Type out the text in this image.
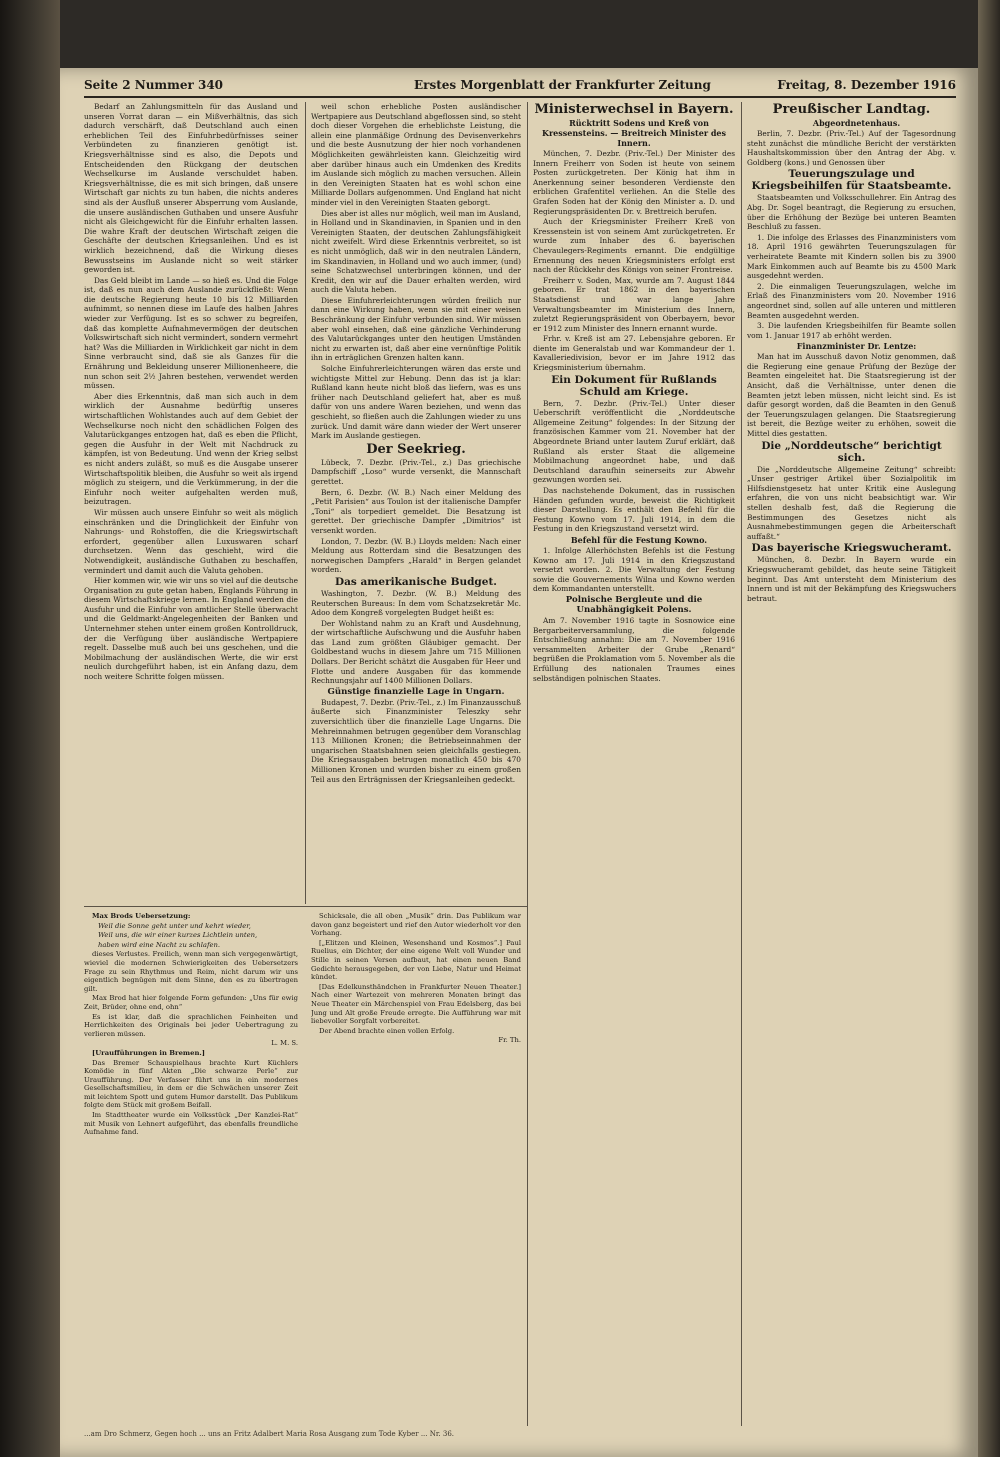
Seite 2 Nummer 340	Erstes Morgenblatt der Frankfurter Zeitung	Freitag, 8. Dezember 1916

Bedarf an Zahlungsmitteln für das Ausland und unseren Vorrat daran — ein Mißverhältnis, das sich dadurch verschärft, daß Deutschland auch einen erheblichen Teil des Einfuhrbedürfnisses seiner Verbündeten zu finanzieren genötigt ist. Kriegsverhältnisse sind es also, die Depots und Entscheidenden den Rückgang der deutschen Wechselkurse im Auslande verschuldet haben. Kriegsverhältnisse, die es mit sich bringen, daß unsere Wirtschaft gar nichts zu tun haben, die nichts anderes sind als der Ausfluß unserer Absperrung vom Auslande, die unsere ausländischen Guthaben und unsere Ausfuhr nicht als Gleichgewicht für die Einfuhr erhalten lassen. Die wahre Kraft der deutschen Wirtschaft zeigen die Geschäfte der deutschen Kriegsanleihen. Und es ist wirklich bezeichnend, daß die Wirkung dieses Bewusstseins im Auslande nicht so weit stärker geworden ist.

Das Geld bleibt im Lande — so hieß es. Und die Folge ist, daß es nun auch dem Auslande zurückfließt: Wenn die deutsche Regierung heute 10 bis 12 Milliarden aufnimmt, so nennen diese im Laufe des halben Jahres wieder zur Verfügung. Ist es so schwer zu begreifen, daß das komplette Aufnahmevermögen der deutschen Volkswirtschaft sich nicht vermindert, sondern vermehrt hat? Was die Milliarden in Wirklichkeit gar nicht in dem Sinne verbraucht sind, daß sie als Ganzes für die Ernährung und Bekleidung unserer Millionenheere, die nun schon seit 2½ Jahren bestehen, verwendet werden müssen.

Aber dies Erkenntnis, daß man sich auch in dem wirklich der Ausnahme bedürftig unseres wirtschaftlichen Wohlstandes auch auf dem Gebiet der Wechselkurse noch nicht den schädlichen Folgen des Valutarückganges entzogen hat, daß es eben die Pflicht, gegen die Ausfuhr in der Welt mit Nachdruck zu kämpfen, ist von Bedeutung. Und wenn der Krieg selbst es nicht anders zuläßt, so muß es die Ausgabe unserer Wirtschaftspolitik bleiben, die Ausfuhr so weit als irgend möglich zu steigern, und die Verkümmerung, in der die Einfuhr noch weiter aufgehalten werden muß, beizutragen.

Wir müssen auch unsere Einfuhr so weit als möglich einschränken und die Dringlichkeit der Einfuhr von Nahrungs- und Rohstoffen, die die Kriegswirtschaft erfordert, gegenüber allen Luxuswaren scharf durchsetzen. Wenn das geschieht, wird die Notwendigkeit, ausländische Guthaben zu beschaffen, vermindert und damit auch die Valuta gehoben.

Hier kommen wir, wie wir uns so viel auf die deutsche Organisation zu gute getan haben, Englands Führung in diesem Wirtschaftskriege lernen. In England werden die Ausfuhr und die Einfuhr von amtlicher Stelle überwacht und die Geldmarkt-Angelegenheiten der Banken und Unternehmer stehen unter einem großen Kontrolldruck, der die Verfügung über ausländische Wertpapiere regelt. Dasselbe muß auch bei uns geschehen, und die Mobilmachung der ausländischen Werte, die wir erst neulich durchgeführt haben, ist ein Anfang dazu, dem noch weitere Schritte folgen müssen.

weil schon erhebliche Posten ausländischer Wertpapiere aus Deutschland abgeflossen sind, so steht doch dieser Vorgehen die erheblichste Leistung, die allein eine planmäßige Ordnung des Devisenverkehrs und die beste Ausnutzung der hier noch vorhandenen Möglichkeiten gewährleisten kann. Gleichzeitig wird aber darüber hinaus auch ein Umdenken des Kredits im Auslande sich möglich zu machen versuchen. Allein in den Vereinigten Staaten hat es wohl schon eine Milliarde Dollars aufgenommen. Und England hat nicht minder viel in den Vereinigten Staaten geborgt.

Dies aber ist alles nur möglich, weil man im Ausland, in Holland und in Skandinavien, in Spanien und in den Vereinigten Staaten, der deutschen Zahlungsfähigkeit nicht zweifelt. Wird diese Erkenntnis verbreitet, so ist es nicht unmöglich, daß wir in den neutralen Ländern, im Skandinavien, in Holland und wo auch immer, (und) seine Schatzwechsel unterbringen können, und der Kredit, den wir auf die Dauer erhalten werden, wird auch die Valuta heben.

Diese Einfuhrerleichterungen würden freilich nur dann eine Wirkung haben, wenn sie mit einer weisen Beschränkung der Einfuhr verbunden sind. Wir müssen aber wohl einsehen, daß eine gänzliche Verhinderung des Valutarückganges unter den heutigen Umständen nicht zu erwarten ist, daß aber eine vernünftige Politik ihn in erträglichen Grenzen halten kann.

Solche Einfuhrerleichterungen wären das erste und wichtigste Mittel zur Hebung. Denn das ist ja klar: Rußland kann heute nicht bloß das liefern, was es uns früher nach Deutschland geliefert hat, aber es muß dafür von uns andere Waren beziehen, und wenn das geschieht, so fließen auch die Zahlungen wieder zu uns zurück. Und damit wäre dann wieder der Wert unserer Mark im Auslande gestiegen.

Der Seekrieg.

Lübeck, 7. Dezbr. (Priv.-Tel., z.) Das griechische Dampfschiff „Loso“ wurde versenkt, die Mannschaft gerettet.

Bern, 6. Dezbr. (W. B.) Nach einer Meldung des „Petit Parisien“ aus Toulon ist der italienische Dampfer „Toni“ als torpediert gemeldet. Die Besatzung ist gerettet. Der griechische Dampfer „Dimitrios“ ist versenkt worden.

London, 7. Dezbr. (W. B.) Lloyds melden: Nach einer Meldung aus Rotterdam sind die Besatzungen des norwegischen Dampfers „Harald“ in Bergen gelandet worden.

Das amerikanische Budget.

Washington, 7. Dezbr. (W. B.) Meldung des Reuterschen Bureaus: In dem vom Schatzsekretär Mc. Adoo dem Kongreß vorgelegten Budget heißt es:

Der Wohlstand nahm zu an Kraft und Ausdehnung, der wirtschaftliche Aufschwung und die Ausfuhr haben das Land zum größten Gläubiger gemacht. Der Goldbestand wuchs in diesem Jahre um 715 Millionen Dollars. Der Bericht schätzt die Ausgaben für Heer und Flotte und andere Ausgaben für das kommende Rechnungsjahr auf 1400 Millionen Dollars.

Günstige finanzielle Lage in Ungarn.

Budapest, 7. Dezbr. (Priv.-Tel., z.) Im Finanzausschuß äußerte sich Finanzminister Teleszky sehr zuversichtlich über die finanzielle Lage Ungarns. Die Mehreinnahmen betrugen gegenüber dem Voranschlag 113 Millionen Kronen; die Betriebseinnahmen der ungarischen Staatsbahnen seien gleichfalls gestiegen. Die Kriegsausgaben betrugen monatlich 450 bis 470 Millionen Kronen und wurden bisher zu einem großen Teil aus den Erträgnissen der Kriegsanleihen gedeckt.

Max Brods Uebersetzung:

Weil die Sonne geht unter und kehrt wieder,

Weil uns, die wir einer kurzes Lichtlein unten,

haben wird eine Nacht zu schlafen.

dieses Verlustes. Freilich, wenn man sich vergegenwärtigt, wieviel die modernen Schwierigkeiten des Uebersetzers Frage zu sein Rhythmus und Reim, nicht darum wir uns eigentlich begnügen mit dem Sinne, den es zu übertragen gilt.

Max Brod hat hier folgende Form gefunden: „Uns für ewig Zeit, Brüder, ohne end, ohn“

Es ist klar, daß die sprachlichen Feinheiten und Herrlichkeiten des Originals bei jeder Uebertragung zu verlieren müssen.

L. M. S.

[Uraufführungen in Bremen.]

Das Bremer Schauspielhaus brachte Kurt Küchlers Komödie in fünf Akten „Die schwarze Perle“ zur Uraufführung. Der Verfasser führt uns in ein modernes Gesellschaftsmilieu, in dem er die Schwächen unserer Zeit mit leichtem Spott und gutem Humor darstellt. Das Publikum folgte dem Stück mit großem Beifall.

Im Stadttheater wurde ein Volksstück „Der Kanzlei-Rat“ mit Musik von Lehnert aufgeführt, das ebenfalls freundliche Aufnahme fand.

Schicksale, die all oben „Musik“ drin. Das Publikum war davon ganz begeistert und rief den Autor wiederholt vor den Vorhang.

[„Elitzen und Kleinen, Wesenshand und Kosmos“.] Paul Ruelius, ein Dichter, der eine eigene Welt voll Wunder und Stille in seinen Versen aufbaut, hat einen neuen Band Gedichte herausgegeben, der von Liebe, Natur und Heimat kündet.

[Das Edelkunsthändchen in Frankfurter Neuen Theater.] Nach einer Wartezeit von mehreren Monaten bringt das Neue Theater ein Märchenspiel von Frau Edelsberg, das bei Jung und Alt große Freude erregte. Die Aufführung war mit liebevoller Sorgfalt vorbereitet.

Der Abend brachte einen vollen Erfolg.

Fr. Th.

Ministerwechsel in Bayern.

Rücktritt Sodens und Kreß von Kressensteins. — Breitreich Minister des Innern.

München, 7. Dezbr. (Priv.-Tel.) Der Minister des Innern Freiherr von Soden ist heute von seinem Posten zurückgetreten. Der König hat ihm in Anerkennung seiner besonderen Verdienste den erblichen Grafentitel verliehen. An die Stelle des Grafen Soden hat der König den Minister a. D. und Regierungspräsidenten Dr. v. Brettreich berufen.

Auch der Kriegsminister Freiherr Kreß von Kressenstein ist von seinem Amt zurückgetreten. Er wurde zum Inhaber des 6. bayerischen Chevaulegers-Regiments ernannt. Die endgültige Ernennung des neuen Kriegsministers erfolgt erst nach der Rückkehr des Königs von seiner Frontreise.

Freiherr v. Soden, Max, wurde am 7. August 1844 geboren. Er trat 1862 in den bayerischen Staatsdienst und war lange Jahre Verwaltungsbeamter im Ministerium des Innern, zuletzt Regierungspräsident von Oberbayern, bevor er 1912 zum Minister des Innern ernannt wurde.

Frhr. v. Kreß ist am 27. Lebensjahre geboren. Er diente im Generalstab und war Kommandeur der 1. Kavalleriedivision, bevor er im Jahre 1912 das Kriegsministerium übernahm.

Ein Dokument für Rußlands Schuld am Kriege.

Bern, 7. Dezbr. (Priv.-Tel.) Unter dieser Ueberschrift veröffentlicht die „Norddeutsche Allgemeine Zeitung“ folgendes: In der Sitzung der französischen Kammer vom 21. November hat der Abgeordnete Briand unter lautem Zuruf erklärt, daß Rußland als erster Staat die allgemeine Mobilmachung angeordnet habe, und daß Deutschland daraufhin seinerseits zur Abwehr gezwungen worden sei.

Das nachstehende Dokument, das in russischen Händen gefunden wurde, beweist die Richtigkeit dieser Darstellung. Es enthält den Befehl für die Festung Kowno vom 17. Juli 1914, in dem die Festung in den Kriegszustand versetzt wird.

Befehl für die Festung Kowno.

1. Infolge Allerhöchsten Befehls ist die Festung Kowno am 17. Juli 1914 in den Kriegszustand versetzt worden. 2. Die Verwaltung der Festung sowie die Gouvernements Wilna und Kowno werden dem Kommandanten unterstellt.

Polnische Bergleute und die Unabhängigkeit Polens.

Am 7. November 1916 tagte in Sosnowice eine Bergarbeiterversammlung, die folgende Entschließung annahm: Die am 7. November 1916 versammelten Arbeiter der Grube „Renard“ begrüßen die Proklamation vom 5. November als die Erfüllung des nationalen Traumes eines selbständigen polnischen Staates.

Preußischer Landtag.

Abgeordnetenhaus.

Berlin, 7. Dezbr. (Priv.-Tel.) Auf der Tagesordnung steht zunächst die mündliche Bericht der verstärkten Haushaltskommission über den Antrag der Abg. v. Goldberg (kons.) und Genossen über

Teuerungszulage und Kriegsbeihilfen für Staatsbeamte.

Staatsbeamten und Volksschullehrer. Ein Antrag des Abg. Dr. Sogel beantragt, die Regierung zu ersuchen, über die Erhöhung der Bezüge bei unteren Beamten Beschluß zu fassen.

1. Die infolge des Erlasses des Finanzministers vom 18. April 1916 gewährten Teuerungszulagen für verheiratete Beamte mit Kindern sollen bis zu 3900 Mark Einkommen auch auf Beamte bis zu 4500 Mark ausgedehnt werden.

2. Die einmaligen Teuerungszulagen, welche im Erlaß des Finanzministers vom 20. November 1916 angeordnet sind, sollen auf alle unteren und mittleren Beamten ausgedehnt werden.

3. Die laufenden Kriegsbeihilfen für Beamte sollen vom 1. Januar 1917 ab erhöht werden.

Finanzminister Dr. Lentze:

Man hat im Ausschuß davon Notiz genommen, daß die Regierung eine genaue Prüfung der Bezüge der Beamten eingeleitet hat. Die Staatsregierung ist der Ansicht, daß die Verhältnisse, unter denen die Beamten jetzt leben müssen, nicht leicht sind. Es ist dafür gesorgt worden, daß die Beamten in den Genuß der Teuerungszulagen gelangen. Die Staatsregierung ist bereit, die Bezüge weiter zu erhöhen, soweit die Mittel dies gestatten.

Die „Norddeutsche“ berichtigt sich.

Die „Norddeutsche Allgemeine Zeitung“ schreibt: „Unser gestriger Artikel über Sozialpolitik im Hilfsdienstgesetz hat unter Kritik eine Auslegung erfahren, die von uns nicht beabsichtigt war. Wir stellen deshalb fest, daß die Regierung die Bestimmungen des Gesetzes nicht als Ausnahmebestimmungen gegen die Arbeiterschaft auffaßt.“

Das bayerische Kriegswucheramt.

München, 8. Dezbr. In Bayern wurde ein Kriegswucheramt gebildet, das heute seine Tätigkeit beginnt. Das Amt untersteht dem Ministerium des Innern und ist mit der Bekämpfung des Kriegswuchers betraut.

...am Dro Schmerz, Gegen hoch ... uns an Fritz Adalbert Maria Rosa Ausgang zum Tode Kyber ... Nr. 36.
